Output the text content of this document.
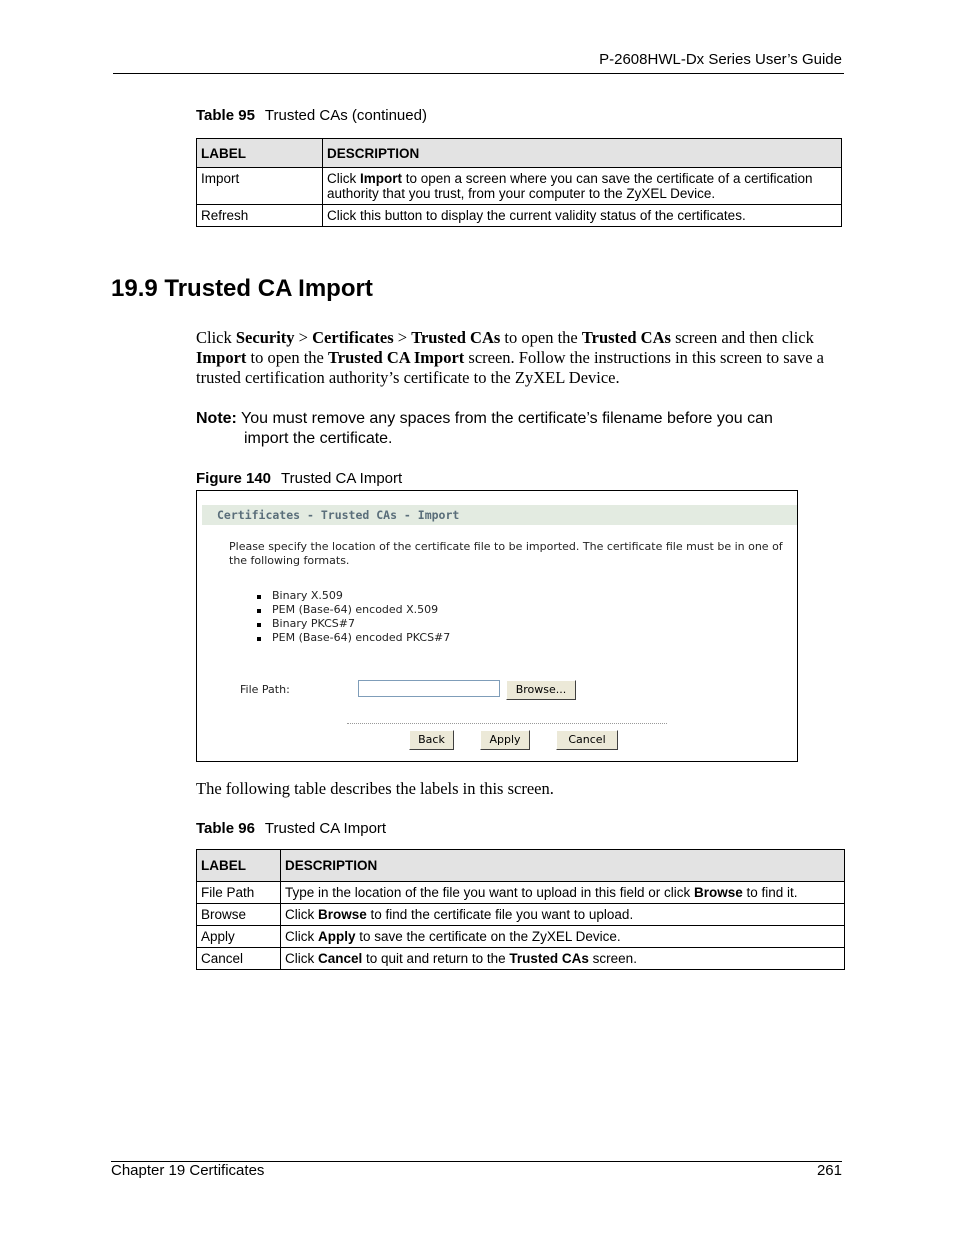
P-2608HWL-Dx Series User’s Guide
Table 95 Trusted CAs (continued)
LABEL	DESCRIPTION
Import	Click Import to open a screen where you can save the certificate of a certification authority that you trust, from your computer to the ZyXEL Device.
Refresh	Click this button to display the current validity status of the certificates.
19.9 Trusted CA Import
Click Security > Certificates > Trusted CAs to open the Trusted CAs screen and then click Import to open the Trusted CA Import screen. Follow the instructions in this screen to save a trusted certification authority’s certificate to the ZyXEL Device.
Note: You must remove any spaces from the certificate’s filename before you can
import the certificate.
Figure 140 Trusted CA Import
Certificates - Trusted CAs - Import
Please specify the location of the certificate file to be imported. The certificate file must be in one of the following formats.
Binary X.509
PEM (Base-64) encoded X.509
Binary PKCS#7
PEM (Base-64) encoded PKCS#7
File Path:	Browse...
Back	Apply	Cancel
The following table describes the labels in this screen.
Table 96 Trusted CA Import
LABEL	DESCRIPTION
File Path	Type in the location of the file you want to upload in this field or click Browse to find it.
Browse	Click Browse to find the certificate file you want to upload.
Apply	Click Apply to save the certificate on the ZyXEL Device.
Cancel	Click Cancel to quit and return to the Trusted CAs screen.
Chapter 19 Certificates	261
